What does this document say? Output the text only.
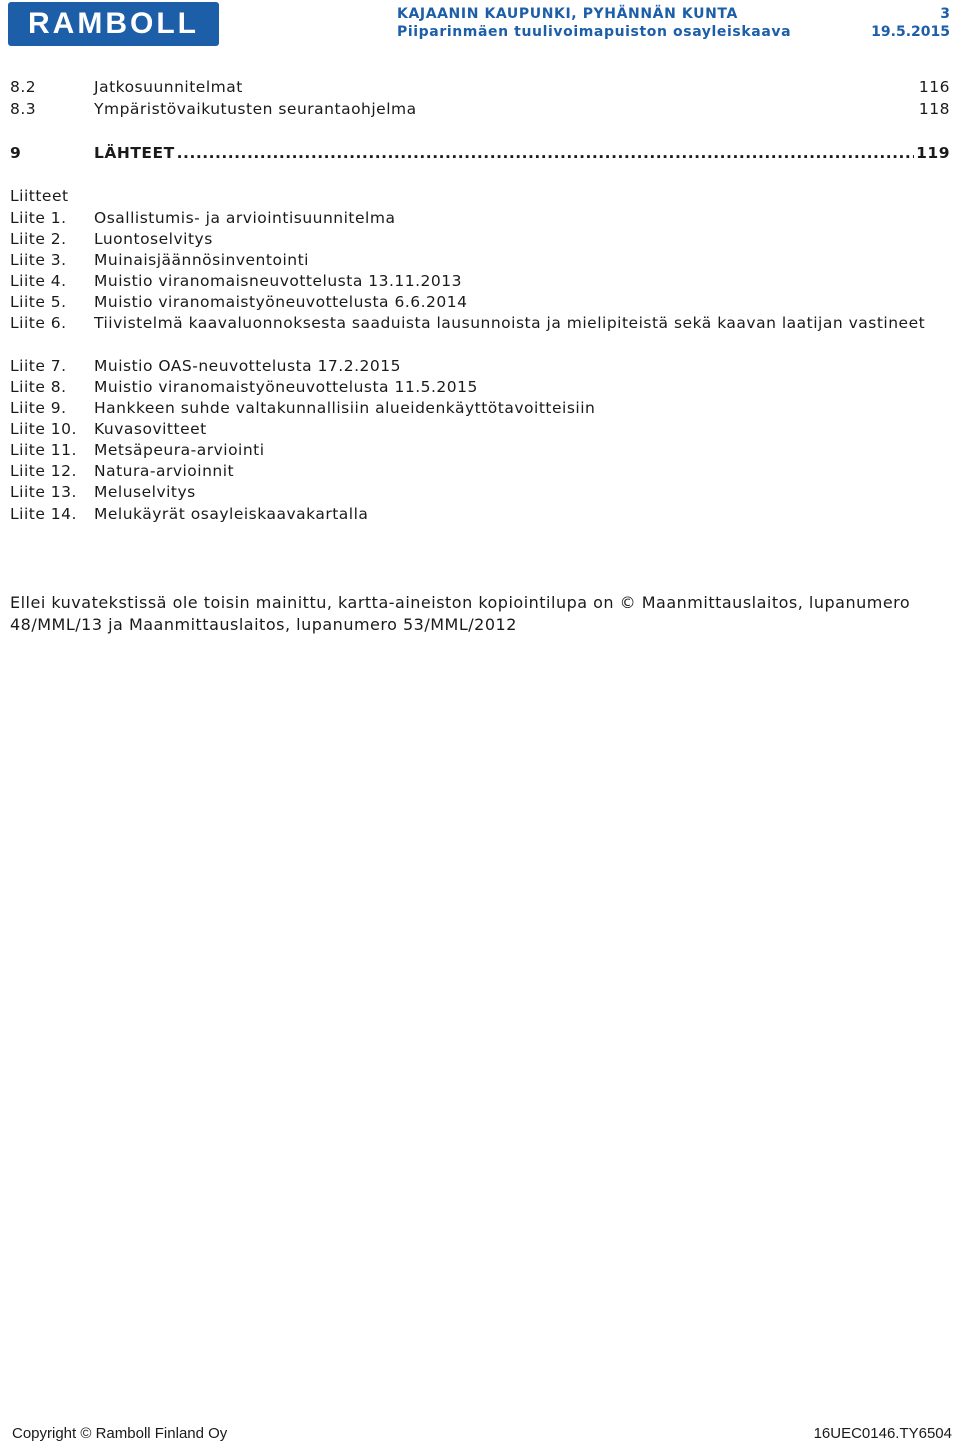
RAMBOLL	KAJAANIN KAUPUNKI, PYHÄNNÄN KUNTA
Piiparinmäen tuulivoimapuiston osayleiskaava
3
19.5.2015
8.2	Jatkosuunnitelmat	116
8.3	Ympäristövaikutusten seurantaohjelma	118
9	LÄHTEET
.....	119
Liitteet
Liite 1. Osallistumis- ja arviointisuunnitelma
Liite 2. Luontoselvitys
Liite 3. Muinaisjäännösinventointi
Liite 4. Muistio viranomaisneuvottelusta 13.11.2013
Liite 5. Muistio viranomaistyöneuvottelusta 6.6.2014
Liite 6. Tiivistelmä kaavaluonnoksesta saaduista lausunnoista ja mielipiteistä sekä kaavan laatijan vastineet
Liite 7. Muistio OAS-neuvottelusta 17.2.2015
Liite 8. Muistio viranomaistyöneuvottelusta 11.5.2015
Liite 9. Hankkeen suhde valtakunnallisiin alueidenkäyttötavoitteisiin
Liite 10. Kuvasovitteet
Liite 11. Metsäpeura-arviointi
Liite 12. Natura-arvioinnit
Liite 13. Meluselvitys
Liite 14. Melukäyrät osayleiskaavakartalla
Ellei kuvatekstissä ole toisin mainittu, kartta-aineiston kopiointilupa on © Maanmittauslaitos, lupanumero 48/MML/13 ja Maanmittauslaitos, lupanumero 53/MML/2012
Copyright © Ramboll Finland Oy	16UEC0146.TY6504
